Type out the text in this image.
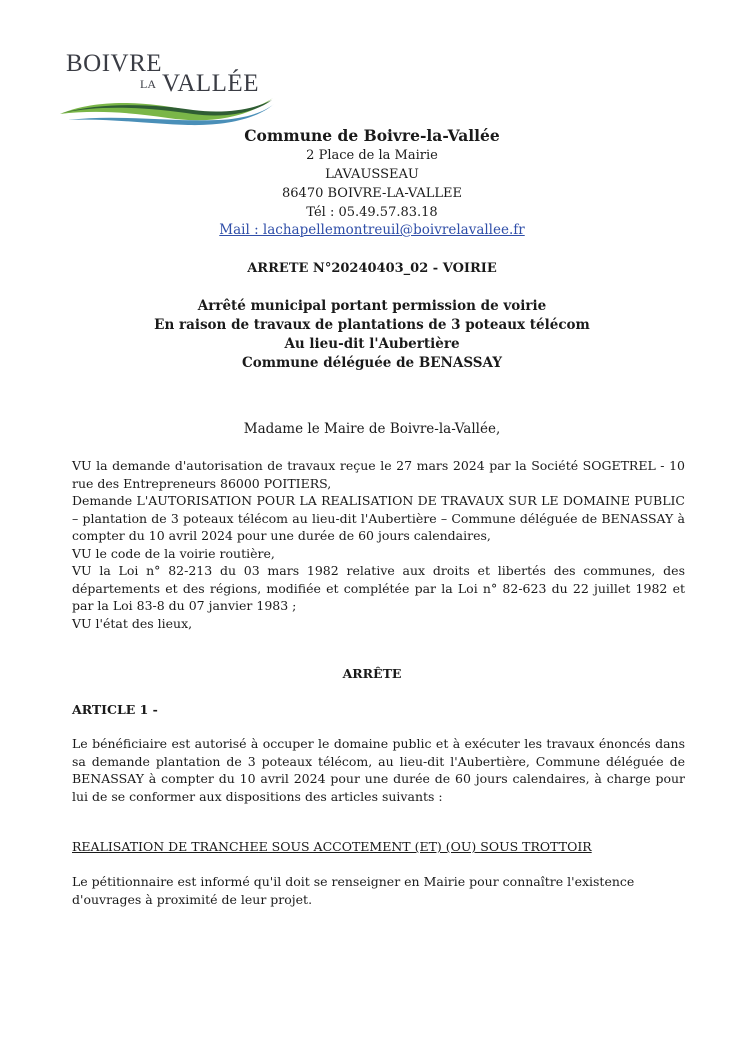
BOIVRE
LA VALLÉE
Commune de Boivre-la-Vallée
2 Place de la Mairie
LAVAUSSEAU
86470 BOIVRE-LA-VALLEE
Tél : 05.49.57.83.18
Mail : lachapellemontreuil@boivrelavallee.fr
ARRETE N°20240403_02 - VOIRIE
Arrêté municipal portant permission de voirie
En raison de travaux de plantations de 3 poteaux télécom
Au lieu-dit l'Aubertière
Commune déléguée de BENASSAY
Madame le Maire de Boivre-la-Vallée,

VU la demande d'autorisation de travaux reçue le 27 mars 2024 par la Société SOGETREL - 10 rue des Entrepreneurs 86000 POITIERS,

Demande L'AUTORISATION POUR LA REALISATION DE TRAVAUX SUR LE DOMAINE PUBLIC – plantation de 3 poteaux télécom au lieu-dit l'Aubertière – Commune déléguée de BENASSAY à compter du 10 avril 2024 pour une durée de 60 jours calendaires,

VU le code de la voirie routière,

VU la Loi n° 82-213 du 03 mars 1982 relative aux droits et libertés des communes, des départements et des régions, modifiée et complétée par la Loi n° 82-623 du 22 juillet 1982 et par la Loi 83-8 du 07 janvier 1983 ;

VU l'état des lieux,

ARRÊTE
ARTICLE 1 -

Le bénéficiaire est autorisé à occuper le domaine public et à exécuter les travaux énoncés dans sa demande plantation de 3 poteaux télécom, au lieu-dit l'Aubertière, Commune déléguée de BENASSAY à compter du 10 avril 2024 pour une durée de 60 jours calendaires, à charge pour lui de se conformer aux dispositions des articles suivants :

REALISATION DE TRANCHEE SOUS ACCOTEMENT (ET) (OU) SOUS TROTTOIR

Le pétitionnaire est informé qu'il doit se renseigner en Mairie pour connaître l'existence d'ouvrages à proximité de leur projet.
